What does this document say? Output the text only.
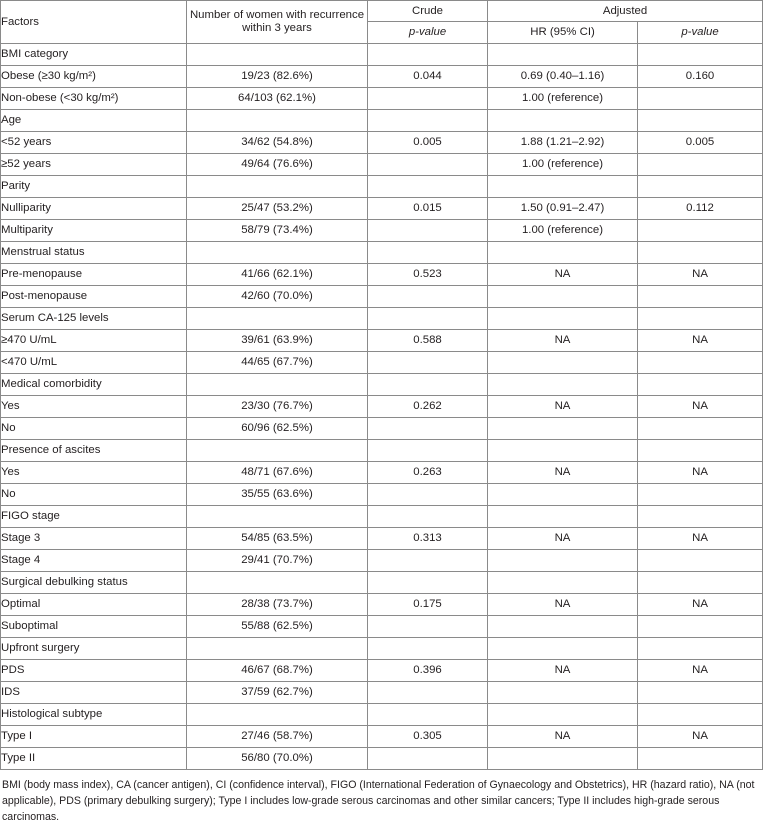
Factors	Number of women with recurrence within 3 years	Crude	Adjusted	
		p-value	HR (95% CI)	p-value
BMI category				
Obese (≥30 kg/m²)	19/23 (82.6%)	0.044	0.69 (0.40–1.16)	0.160
Non-obese (<30 kg/m²)	64/103 (62.1%)		1.00 (reference)	
Age				
<52 years	34/62 (54.8%)	0.005	1.88 (1.21–2.92)	0.005
≥52 years	49/64 (76.6%)		1.00 (reference)	
Parity				
Nulliparity	25/47 (53.2%)	0.015	1.50 (0.91–2.47)	0.112
Multiparity	58/79 (73.4%)		1.00 (reference)	
Menstrual status				
Pre-menopause	41/66 (62.1%)	0.523	NA	NA
Post-menopause	42/60 (70.0%)			
Serum CA-125 levels				
≥470 U/mL	39/61 (63.9%)	0.588	NA	NA
<470 U/mL	44/65 (67.7%)			
Medical comorbidity				
Yes	23/30 (76.7%)	0.262	NA	NA
No	60/96 (62.5%)			
Presence of ascites				
Yes	48/71 (67.6%)	0.263	NA	NA
No	35/55 (63.6%)			
FIGO stage				
Stage 3	54/85 (63.5%)	0.313	NA	NA
Stage 4	29/41 (70.7%)			
Surgical debulking status				
Optimal	28/38 (73.7%)	0.175	NA	NA
Suboptimal	55/88 (62.5%)			
Upfront surgery				
PDS	46/67 (68.7%)	0.396	NA	NA
IDS	37/59 (62.7%)			
Histological subtype				
Type I	27/46 (58.7%)	0.305	NA	NA
Type II	56/80 (70.0%)			
BMI (body mass index), CA (cancer antigen), CI (confidence interval), FIGO (International Federation of Gynaecology and Obstetrics), HR (hazard ratio), NA (not applicable), PDS (primary debulking surgery); Type I includes low-grade serous carcinomas and other similar cancers; Type II includes high-grade serous carcinomas.
